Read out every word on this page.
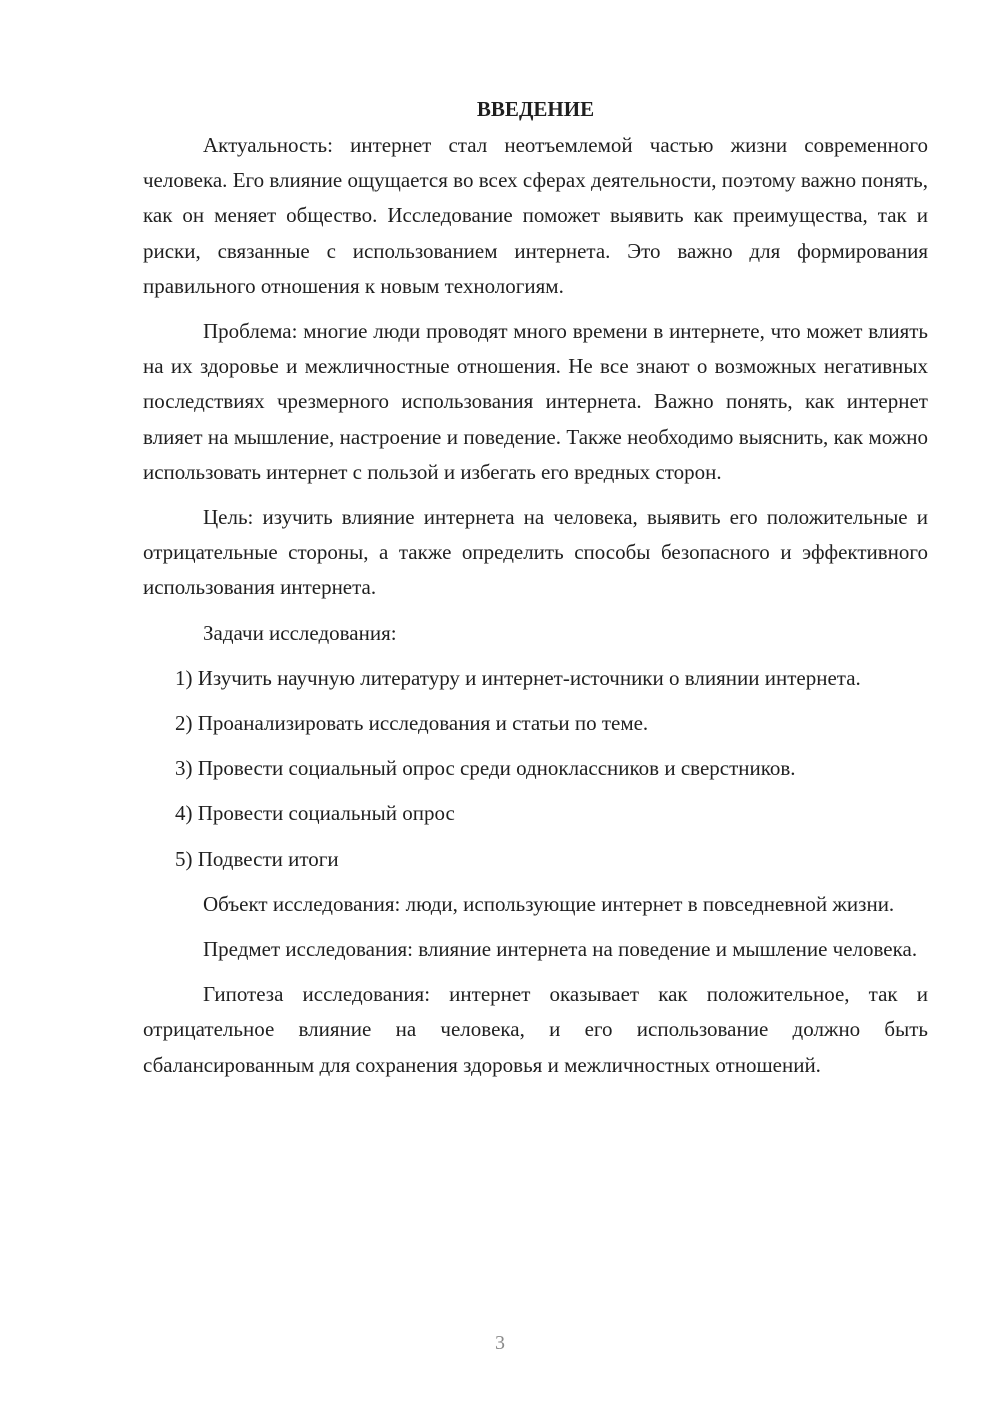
ВВЕДЕНИЕ

Актуальность: интернет стал неотъемлемой частью жизни современного человека. Его влияние ощущается во всех сферах деятельности, поэтому важно понять, как он меняет общество. Исследование поможет выявить как преимущества, так и риски, связанные с использованием интернета. Это важно для формирования правильного отношения к новым технологиям.

Проблема: многие люди проводят много времени в интернете, что может влиять на их здоровье и межличностные отношения. Не все знают о возможных негативных последствиях чрезмерного использования интернета. Важно понять, как интернет влияет на мышление, настроение и поведение. Также необходимо выяснить, как можно использовать интернет с пользой и избегать его вредных сторон.

Цель: изучить влияние интернета на человека, выявить его положительные и отрицательные стороны, а также определить способы безопасного и эффективного использования интернета.

Задачи исследования:

1) Изучить научную литературу и интернет-источники о влиянии интернета.

2) Проанализировать исследования и статьи по теме.

3) Провести социальный опрос среди одноклассников и сверстников.

4) Провести социальный опрос

5) Подвести итоги

Объект исследования: люди, использующие интернет в повседневной жизни.

Предмет исследования: влияние интернета на поведение и мышление человека.

Гипотеза исследования: интернет оказывает как положительное, так и отрицательное влияние на человека, и его использование должно быть сбалансированным для сохранения здоровья и межличностных отношений.

3
